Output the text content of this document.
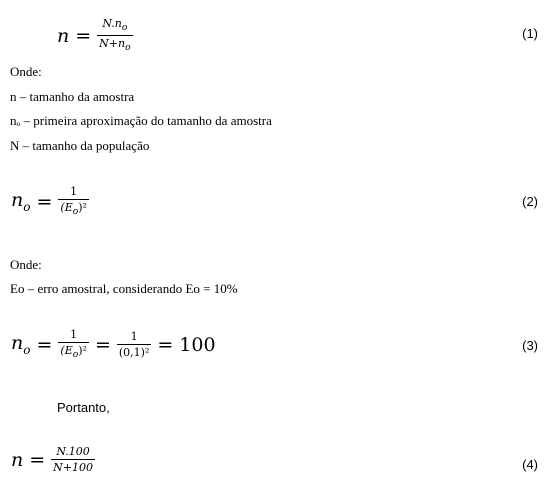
$n = \frac{N.n_o}{N+n_o}$	(1)
Onde:
n – tamanho da amostra
nₒ – primeira aproximação do tamanho da amostra
N – tamanho da população
$n_o = \frac{1}{(E_o)^2}$	(2)
Onde:
Eo – erro amostral, considerando Eo = 10%
$n_o = \frac{1}{(E_o)^2} = \frac{1}{\text{(0,1)²}} = 100$	(3)
Portanto,
$n = \frac{N.100}{N+100}$	(4)
